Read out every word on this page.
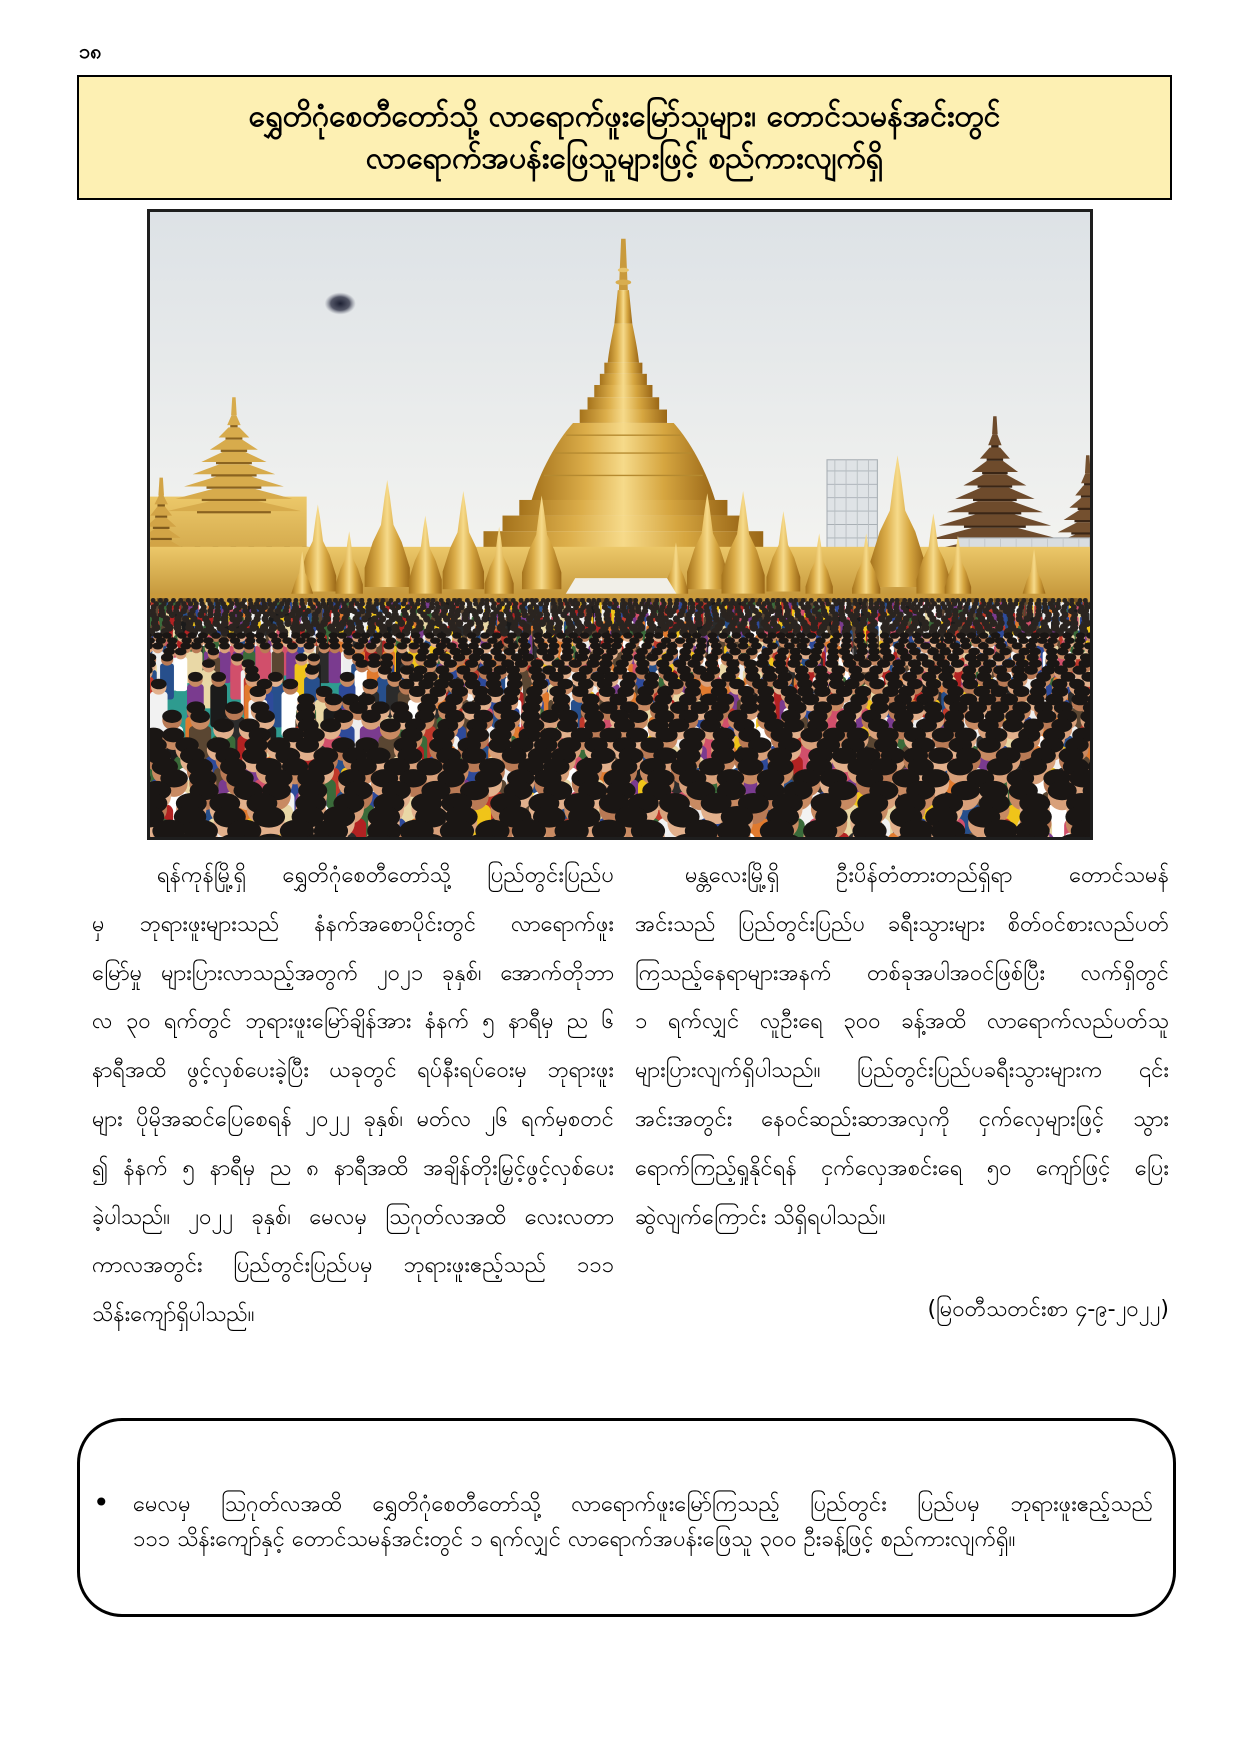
၁၈
ရွှေတိဂုံစေတီတော်သို့ လာရောက်ဖူးမြော်သူများ၊ တောင်သမန်အင်းတွင်
လာရောက်အပန်းဖြေသူများဖြင့် စည်ကားလျက်ရှိ
ရန်ကုန်မြို့ရှိ ရွှေတိဂုံစေတီတော်သို့ ပြည်တွင်းပြည်ပ
မှ ဘုရားဖူးများသည် နံနက်အစောပိုင်းတွင် လာရောက်ဖူး
မြော်မှု များပြားလာသည့်အတွက် ၂၀၂၁ ခုနှစ်၊ အောက်တိုဘာ
လ ၃၀ ရက်တွင် ဘုရားဖူးမြော်ချိန်အား နံနက် ၅ နာရီမှ ည ၆
နာရီအထိ ဖွင့်လှစ်ပေးခဲ့ပြီး ယခုတွင် ရပ်နီးရပ်ဝေးမှ ဘုရားဖူး
များ ပိုမိုအဆင်ပြေစေရန် ၂၀၂၂ ခုနှစ်၊ မတ်လ ၂၆ ရက်မှစတင်
၍ နံနက် ၅ နာရီမှ ည ၈ နာရီအထိ အချိန်တိုးမြှင့်ဖွင့်လှစ်ပေး
ခဲ့ပါသည်။ ၂၀၂၂ ခုနှစ်၊ မေလမှ ဩဂုတ်လအထိ လေးလတာ
ကာလအတွင်း ပြည်တွင်းပြည်ပမှ ဘုရားဖူးဧည့်သည် ၁၁၁
သိန်းကျော်ရှိပါသည်။
မန္တလေးမြို့ရှိ ဦးပိန်တံတားတည်ရှိရာ တောင်သမန်
အင်းသည် ပြည်တွင်းပြည်ပ ခရီးသွားများ စိတ်ဝင်စားလည်ပတ်
ကြသည့်နေရာများအနက် တစ်ခုအပါအဝင်ဖြစ်ပြီး လက်ရှိတွင်
၁ ရက်လျှင် လူဦးရေ ၃၀၀ ခန့်အထိ လာရောက်လည်ပတ်သူ
များပြားလျက်ရှိပါသည်။ ပြည်တွင်းပြည်ပခရီးသွားများက ၎င်း
အင်းအတွင်း နေဝင်ဆည်းဆာအလှကို ငှက်လှေများဖြင့် သွား
ရောက်ကြည့်ရှုနိုင်ရန် ငှက်လှေအစင်းရေ ၅၀ ကျော်ဖြင့် ပြေး
ဆွဲလျက်ကြောင်း သိရှိရပါသည်။
(မြဝတီသတင်းစာ ၄-၉-၂၀၂၂)
• မေလမှ ဩဂုတ်လအထိ ရွှေတိဂုံစေတီတော်သို့ လာရောက်ဖူးမြော်ကြသည့် ပြည်တွင်း ပြည်ပမှ ဘုရားဖူးဧည့်သည်
၁၁၁ သိန်းကျော်နှင့် တောင်သမန်အင်းတွင် ၁ ရက်လျှင် လာရောက်အပန်းဖြေသူ ၃၀၀ ဦးခန့်ဖြင့် စည်ကားလျက်ရှိ။
